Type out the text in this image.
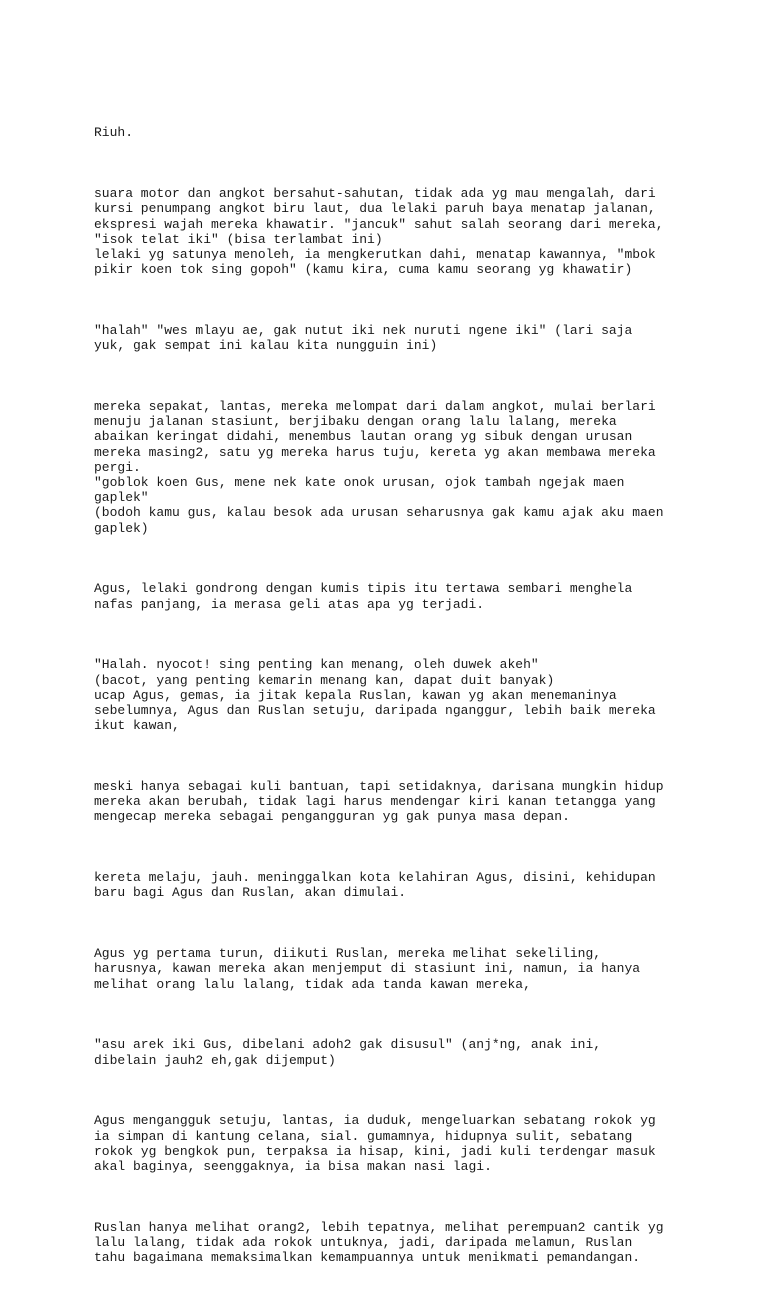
Riuh.

suara motor dan angkot bersahut-sahutan, tidak ada yg mau mengalah, dari
kursi penumpang angkot biru laut, dua lelaki paruh baya menatap jalanan,
ekspresi wajah mereka khawatir. "jancuk" sahut salah seorang dari mereka,
"isok telat iki" (bisa terlambat ini)
lelaki yg satunya menoleh, ia mengkerutkan dahi, menatap kawannya, "mbok
pikir koen tok sing gopoh" (kamu kira, cuma kamu seorang yg khawatir)

"halah" "wes mlayu ae, gak nutut iki nek nuruti ngene iki" (lari saja
yuk, gak sempat ini kalau kita nungguin ini)

mereka sepakat, lantas, mereka melompat dari dalam angkot, mulai berlari
menuju jalanan stasiunt, berjibaku dengan orang lalu lalang, mereka
abaikan keringat didahi, menembus lautan orang yg sibuk dengan urusan
mereka masing2, satu yg mereka harus tuju, kereta yg akan membawa mereka
pergi.
"goblok koen Gus, mene nek kate onok urusan, ojok tambah ngejak maen
gaplek"
(bodoh kamu gus, kalau besok ada urusan seharusnya gak kamu ajak aku maen
gaplek)

Agus, lelaki gondrong dengan kumis tipis itu tertawa sembari menghela
nafas panjang, ia merasa geli atas apa yg terjadi.

"Halah. nyocot! sing penting kan menang, oleh duwek akeh"
(bacot, yang penting kemarin menang kan, dapat duit banyak)
ucap Agus, gemas, ia jitak kepala Ruslan, kawan yg akan menemaninya
sebelumnya, Agus dan Ruslan setuju, daripada nganggur, lebih baik mereka
ikut kawan,

meski hanya sebagai kuli bantuan, tapi setidaknya, darisana mungkin hidup
mereka akan berubah, tidak lagi harus mendengar kiri kanan tetangga yang
mengecap mereka sebagai pengangguran yg gak punya masa depan.

kereta melaju, jauh. meninggalkan kota kelahiran Agus, disini, kehidupan
baru bagi Agus dan Ruslan, akan dimulai.

Agus yg pertama turun, diikuti Ruslan, mereka melihat sekeliling,
harusnya, kawan mereka akan menjemput di stasiunt ini, namun, ia hanya
melihat orang lalu lalang, tidak ada tanda kawan mereka,

"asu arek iki Gus, dibelani adoh2 gak disusul" (anj*ng, anak ini,
dibelain jauh2 eh,gak dijemput)

Agus mengangguk setuju, lantas, ia duduk, mengeluarkan sebatang rokok yg
ia simpan di kantung celana, sial. gumamnya, hidupnya sulit, sebatang
rokok yg bengkok pun, terpaksa ia hisap, kini, jadi kuli terdengar masuk
akal baginya, seenggaknya, ia bisa makan nasi lagi.

Ruslan hanya melihat orang2, lebih tepatnya, melihat perempuan2 cantik yg
lalu lalang, tidak ada rokok untuknya, jadi, daripada melamun, Ruslan
tahu bagaimana memaksimalkan kemampuannya untuk menikmati pemandangan.
